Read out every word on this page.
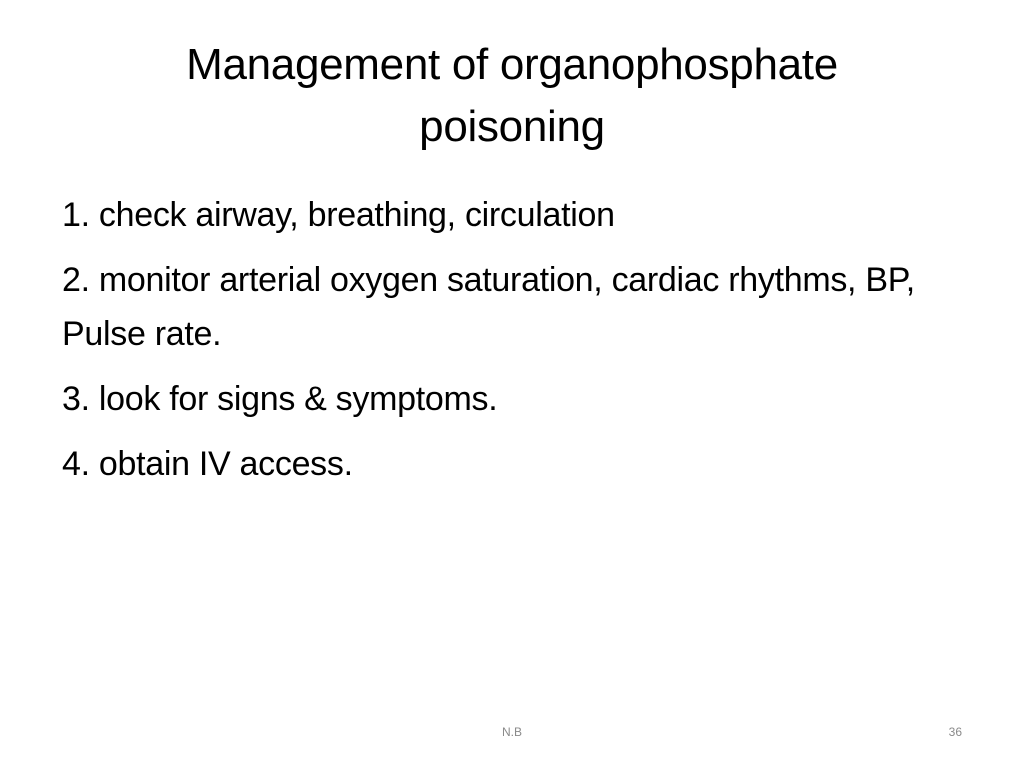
Management of organophosphate
poisoning

1. check airway, breathing, circulation

2. monitor arterial oxygen saturation, cardiac rhythms, BP, Pulse rate.

3. look for signs & symptoms.

4. obtain IV access.

N.B	36
